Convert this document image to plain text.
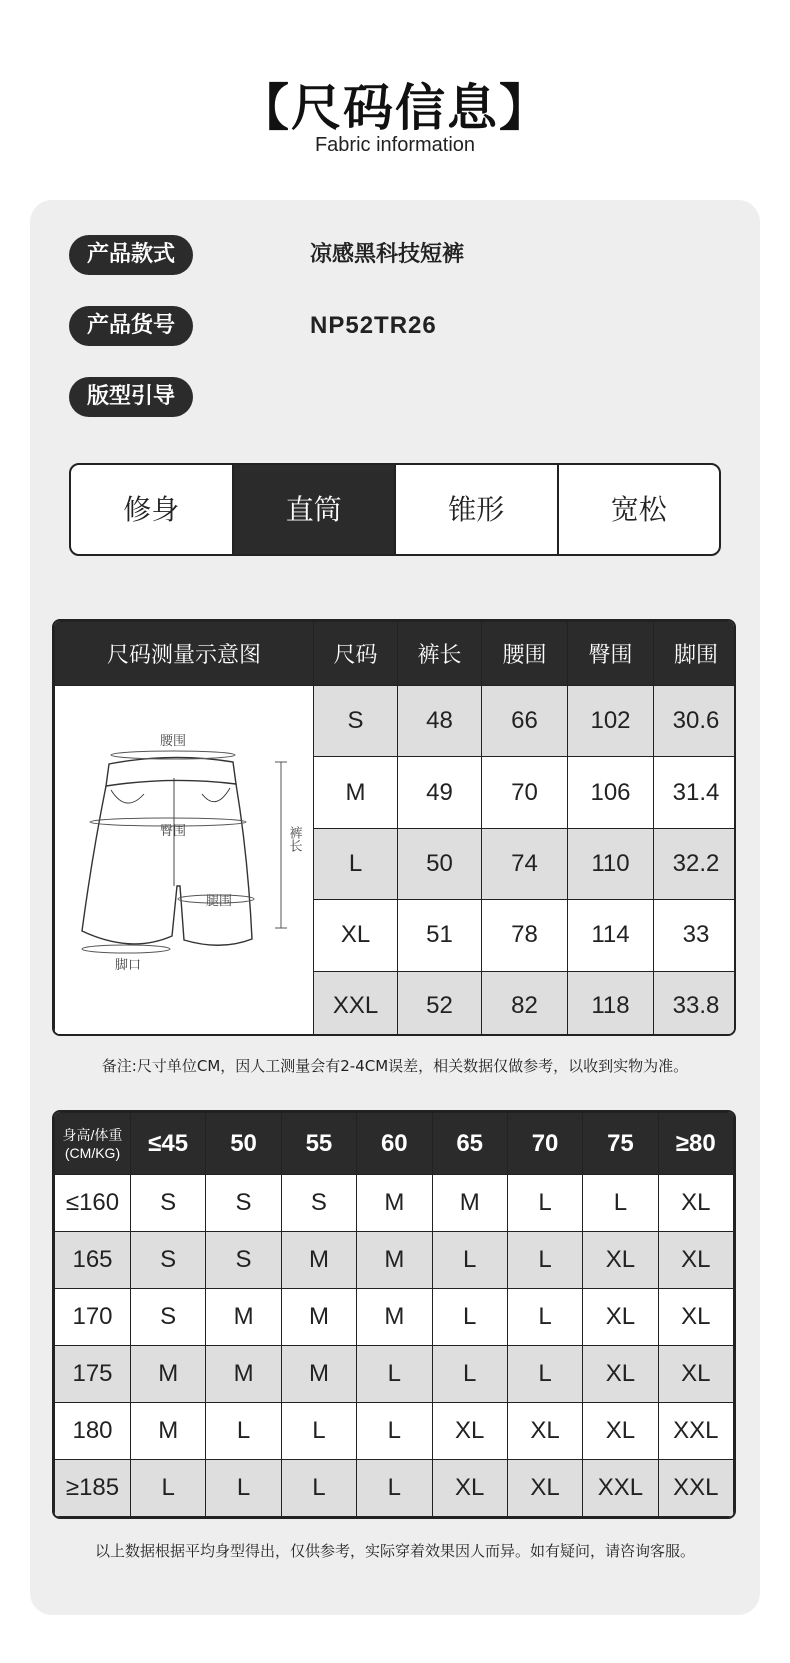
【尺码信息】
Fabric information
产品款式	凉感黑科技短裤
产品货号	NP52TR26
版型引导
修身	直筒	锥形	宽松
尺码测量示意图	尺码	裤长	腰围	臀围	脚围

腰围
臀围
腿围
脚口
裤长	S	48	66	102	30.6
	M	49	70	106	31.4
	L	50	74	110	32.2
	XL	51	78	114	33
	XXL	52	82	118	33.8
备注:尺寸单位CM，因人工测量会有2-4CM误差，相关数据仅做参考，以收到实物为准。
身高/体重
(CM/KG)	≤45	50	55	60	65	70	75	≥80
≤160	S	S	S	M	M	L	L	XL
165	S	S	M	M	L	L	XL	XL
170	S	M	M	M	L	L	XL	XL
175	M	M	M	L	L	L	XL	XL
180	M	L	L	L	XL	XL	XL	XXL
≥185	L	L	L	L	XL	XL	XXL	XXL
以上数据根据平均身型得出，仅供参考，实际穿着效果因人而异。如有疑问，请咨询客服。
